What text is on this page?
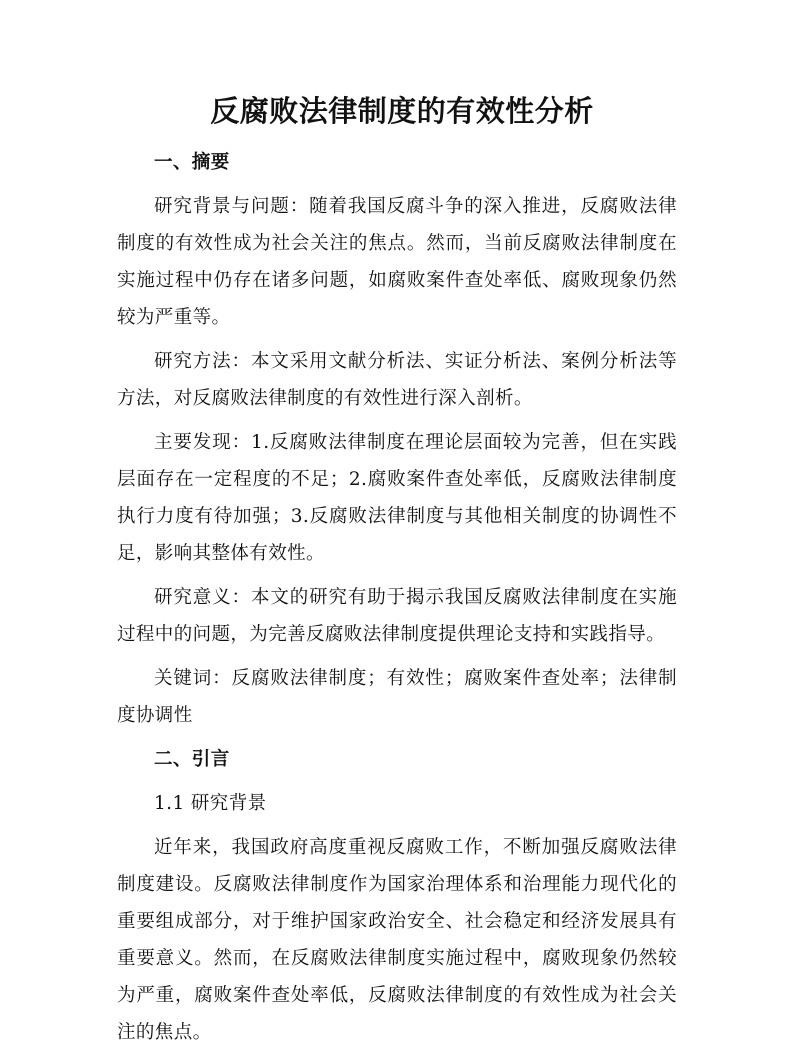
反腐败法律制度的有效性分析
一、摘要

研究背景与问题：随着我国反腐斗争的深入推进，反腐败法律制度的有效性成为社会关注的焦点。然而，当前反腐败法律制度在实施过程中仍存在诸多问题，如腐败案件查处率低、腐败现象仍然较为严重等。

研究方法：本文采用文献分析法、实证分析法、案例分析法等方法，对反腐败法律制度的有效性进行深入剖析。

主要发现：1.反腐败法律制度在理论层面较为完善，但在实践层面存在一定程度的不足；2.腐败案件查处率低，反腐败法律制度执行力度有待加强；3.反腐败法律制度与其他相关制度的协调性不足，影响其整体有效性。

研究意义：本文的研究有助于揭示我国反腐败法律制度在实施过程中的问题，为完善反腐败法律制度提供理论支持和实践指导。

关键词：反腐败法律制度；有效性；腐败案件查处率；法律制度协调性

二、引言
1.1 研究背景

近年来，我国政府高度重视反腐败工作，不断加强反腐败法律制度建设。反腐败法律制度作为国家治理体系和治理能力现代化的重要组成部分，对于维护国家政治安全、社会稳定和经济发展具有重要意义。然而，在反腐败法律制度实施过程中，腐败现象仍然较为严重，腐败案件查处率低，反腐败法律制度的有效性成为社会关注的焦点。
